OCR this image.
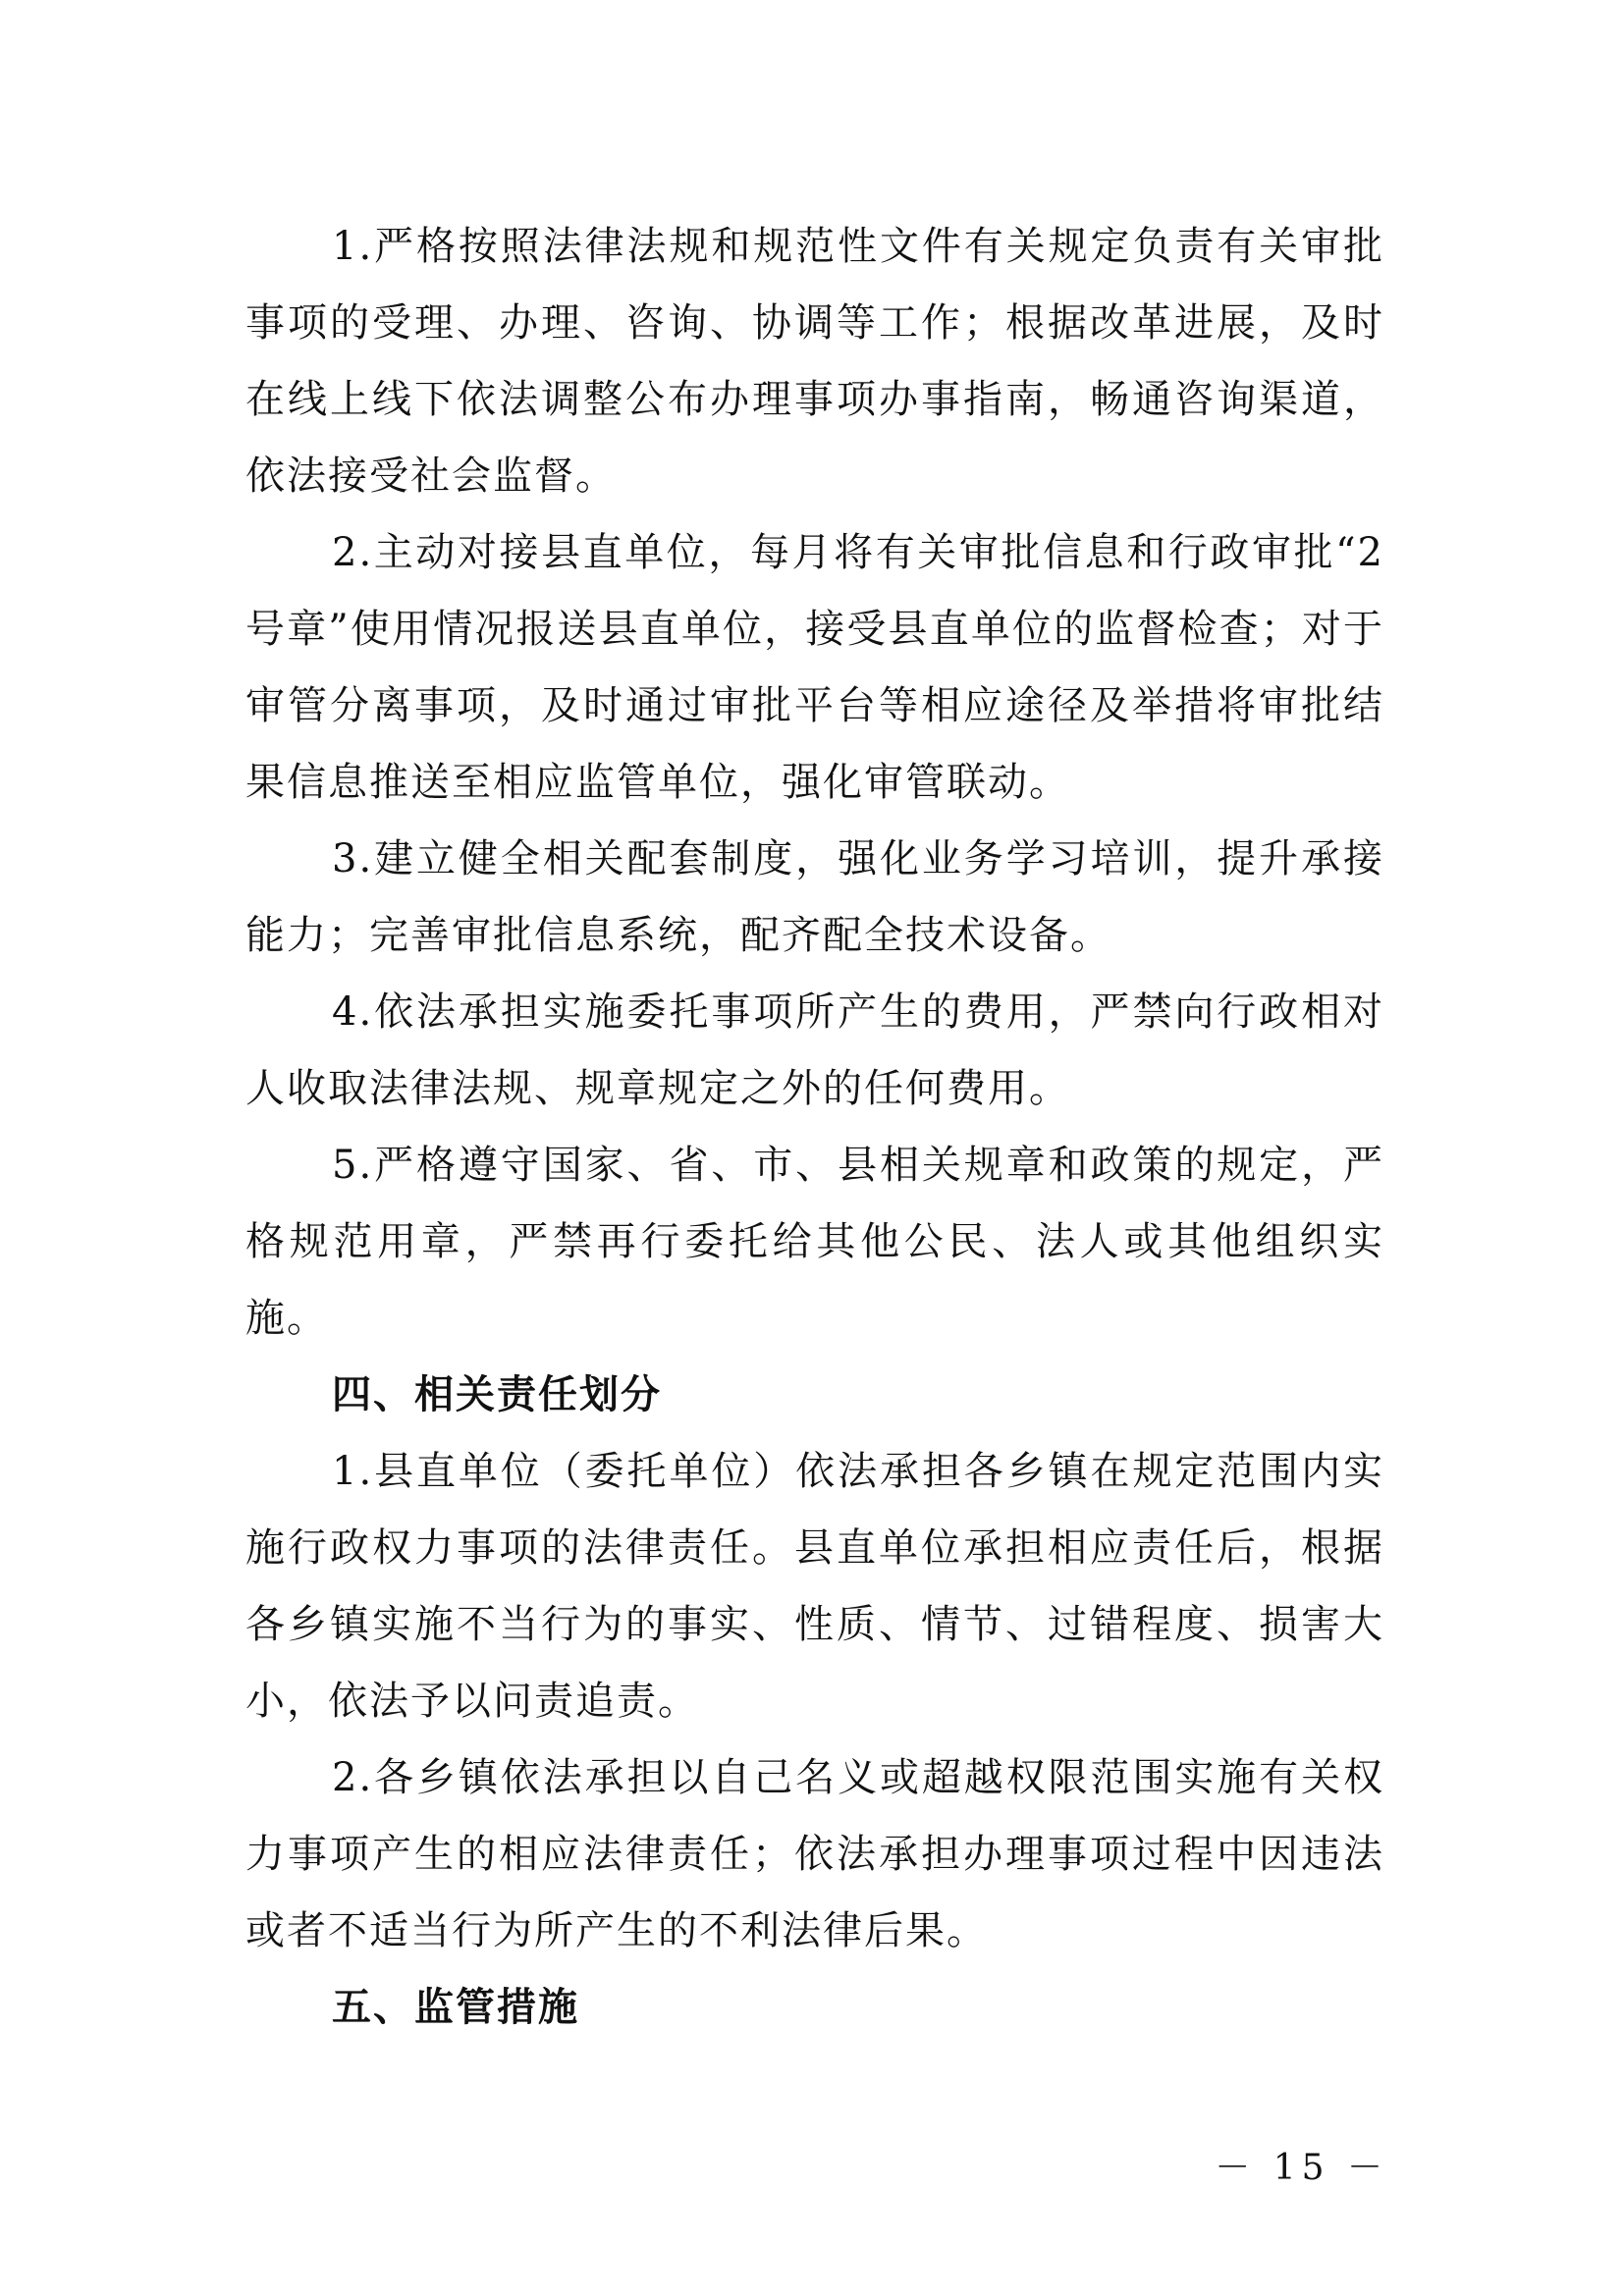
1.严格按照法律法规和规范性文件有关规定负责有关审批事项的受理、办理、咨询、协调等工作；根据改革进展，及时在线上线下依法调整公布办理事项办事指南，畅通咨询渠道，依法接受社会监督。

2.主动对接县直单位，每月将有关审批信息和行政审批“2号章”使用情况报送县直单位，接受县直单位的监督检查；对于审管分离事项，及时通过审批平台等相应途径及举措将审批结果信息推送至相应监管单位，强化审管联动。

3.建立健全相关配套制度，强化业务学习培训，提升承接能力；完善审批信息系统，配齐配全技术设备。

4.依法承担实施委托事项所产生的费用，严禁向行政相对人收取法律法规、规章规定之外的任何费用。

5.严格遵守国家、省、市、县相关规章和政策的规定，严格规范用章，严禁再行委托给其他公民、法人或其他组织实施。

四、相关责任划分

1.县直单位（委托单位）依法承担各乡镇在规定范围内实施行政权力事项的法律责任。县直单位承担相应责任后，根据各乡镇实施不当行为的事实、性质、情节、过错程度、损害大小，依法予以问责追责。

2.各乡镇依法承担以自己名义或超越权限范围实施有关权力事项产生的相应法律责任；依法承担办理事项过程中因违法或者不适当行为所产生的不利法律后果。

五、监管措施
－ 15 －
